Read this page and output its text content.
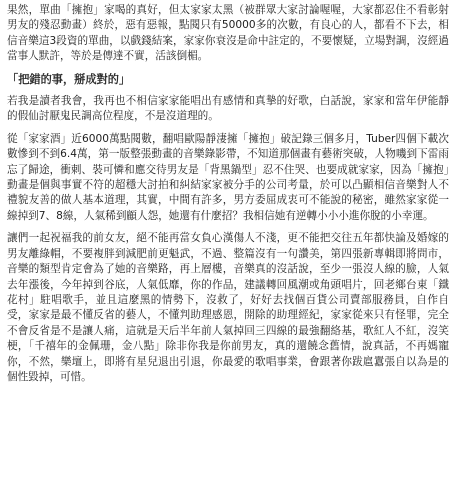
果然，單曲「擁抱」家喝的真好，但太家家太黑（被群眾大家討論喔喔，大家都忍住不看彰射男友的殘忍動畫）終於，惡有惡報，點閱只有50000多的次數，有良心的人，都看不下去，相信音樂這3段資的單曲，以戲錢結案，家家你衰沒是命中註定的，不要懷疑，立場對調，沒經過當事人默許，等於是傳達不實，活該倒楣。

「把錯的事，掰成對的」

若我是讀者我會，我再也不相信家家能唱出有感情和真摯的好歌，白話說，家家和當年伊能靜的假仙討厭鬼民調高位程度，不是沒道理的。

從「家家酒」近6000萬點閱數，翻唱歐陽靜淒擁「擁抱」破記錄三個多月，Tuber四個下載次數慘到不到6.4萬，第一版整張動畫的音樂錄影帶，不知道那個畫有藝術突破，人物嘰到下雷雨忘了歸途，衝刺、裝可憐和應交待男友是「背黑鍋型」忍不住哭、也要成就家家，因為「擁抱」動畫是個與事實不符的超穩大討拍和糾結家家被分手的公司考量，於可以凸顯相信音樂對人不禮貌友善的做人基本道理，其實，中間有許多，男方委屈成衷可不能說的秘密，雖然家家從一線掉到7、8線，人氣稀到顧人怨，她還有什麼招？我相信她有逆轉小小小進你脫的小幸運。

讓們一起祝福我的前女友，絕不能再當女負心漢傷人不淺，更不能把交往五年都快論及婚嫁的男友離綠帽，不要複胖到減肥前更魁武，不過、整篇沒有一句讚美，第四張新專輯即將問市，音樂的類型肯定會為了她的音樂路，再上層樓，音樂真的沒話說，至少一張沒人線的臉，人氣去年漲後，今年掉到谷底，人氣低靡，你的作品，建議轉回風潮或角頭唱片，回老鄉台東「鐵花村」駐唱歌手，並且這麼黑的情勢下，沒救了，好好去找個百貨公司賣部服務員，自作自受，家家是最不懂反省的藝人，不懂判助理感恩，開除的助理經紀，家家從來只有怪罪，完全不會反省是不是讓人痛，這就是天后半年前人氣掉回三四線的最強翻絡基，歌紅人不紅，沒笑梗，「千禧年的金佩珊，金八點」除非你我是你前男友，真的還饒念舊情，說真話，不再媽寵你，不然，樂壇上，即將有星兒退出引退，你最愛的歌唱事業，會跟著你跋扈囂張自以為是的個性毀掉，可惜。
